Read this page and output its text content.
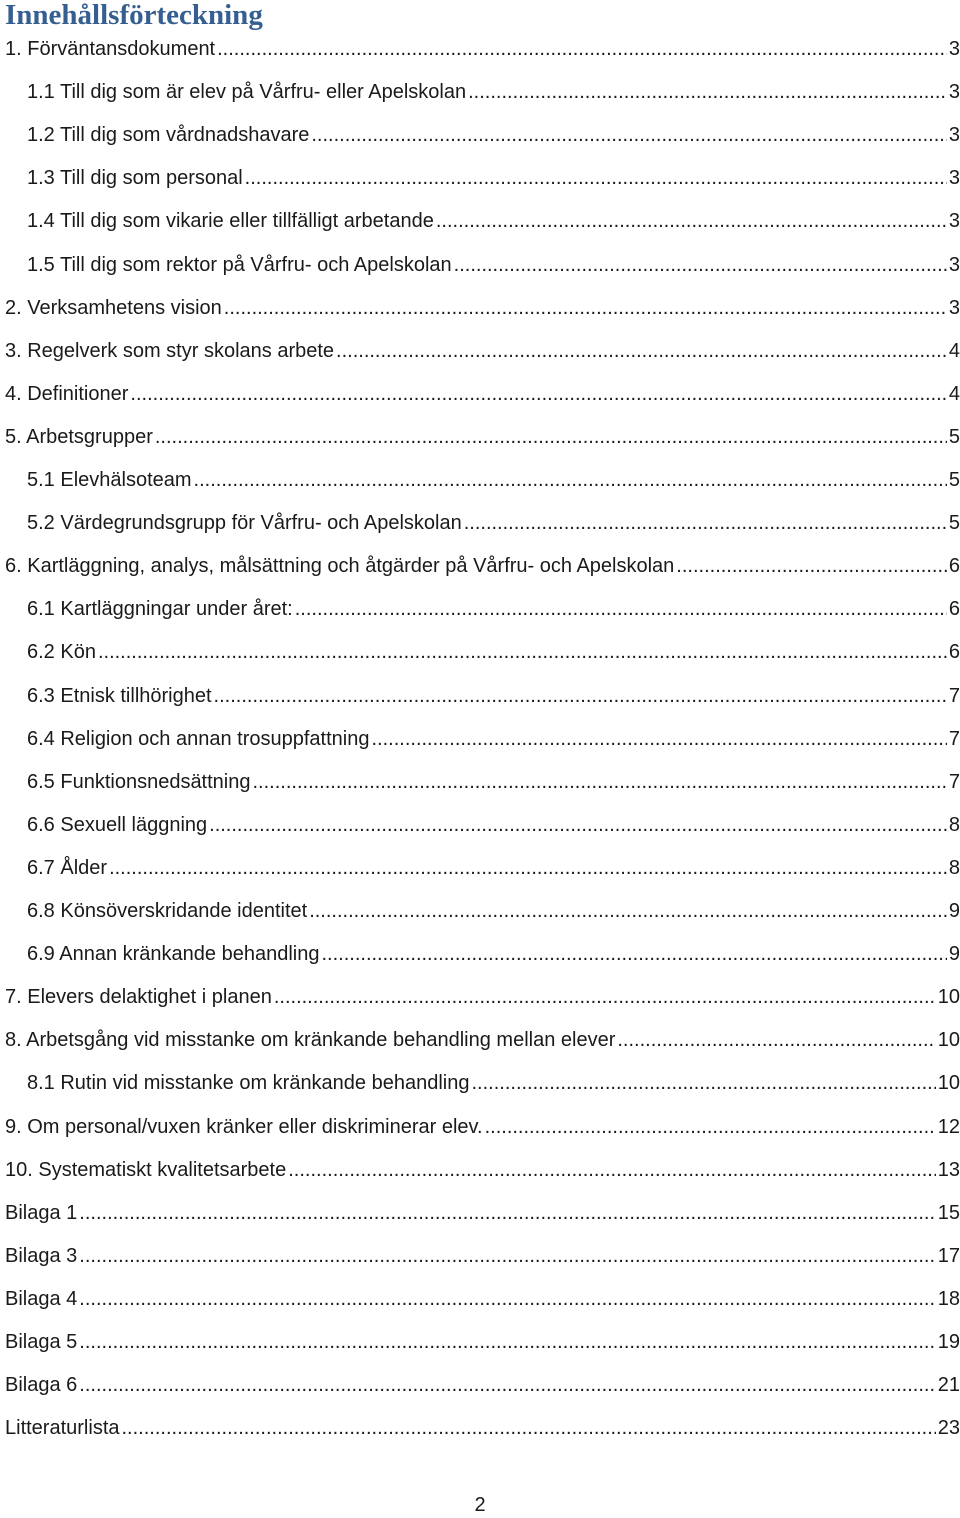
Innehållsförteckning
1. Förväntansdokument .....	3
1.1 Till dig som är elev på Vårfru- eller Apelskolan .....	3
1.2 Till dig som vårdnadshavare .....	3
1.3 Till dig som personal .....	3
1.4 Till dig som vikarie eller tillfälligt arbetande .....	3
1.5 Till dig som rektor på Vårfru- och Apelskolan .....	3
2. Verksamhetens vision .....	3
3. Regelverk som styr skolans arbete .....	4
4. Definitioner .....	4
5. Arbetsgrupper .....	5
5.1 Elevhälsoteam .....	5
5.2 Värdegrundsgrupp för Vårfru- och Apelskolan .....	5
6. Kartläggning, analys, målsättning och åtgärder på Vårfru- och Apelskolan .....	6
6.1 Kartläggningar under året: .....	6
6.2 Kön .....	6
6.3 Etnisk tillhörighet .....	7
6.4 Religion och annan trosuppfattning .....	7
6.5 Funktionsnedsättning .....	7
6.6 Sexuell läggning .....	8
6.7 Ålder .....	8
6.8 Könsöverskridande identitet .....	9
6.9 Annan kränkande behandling .....	9
7. Elevers delaktighet i planen .....	10
8. Arbetsgång vid misstanke om kränkande behandling mellan elever .....	10
8.1 Rutin vid misstanke om kränkande behandling .....	10
9. Om personal/vuxen kränker eller diskriminerar elev. .....	12
10. Systematiskt kvalitetsarbete .....	13
Bilaga 1 .....	15
Bilaga 3 .....	17
Bilaga 4 .....	18
Bilaga 5 .....	19
Bilaga 6 .....	21
Litteraturlista .....	23
2
